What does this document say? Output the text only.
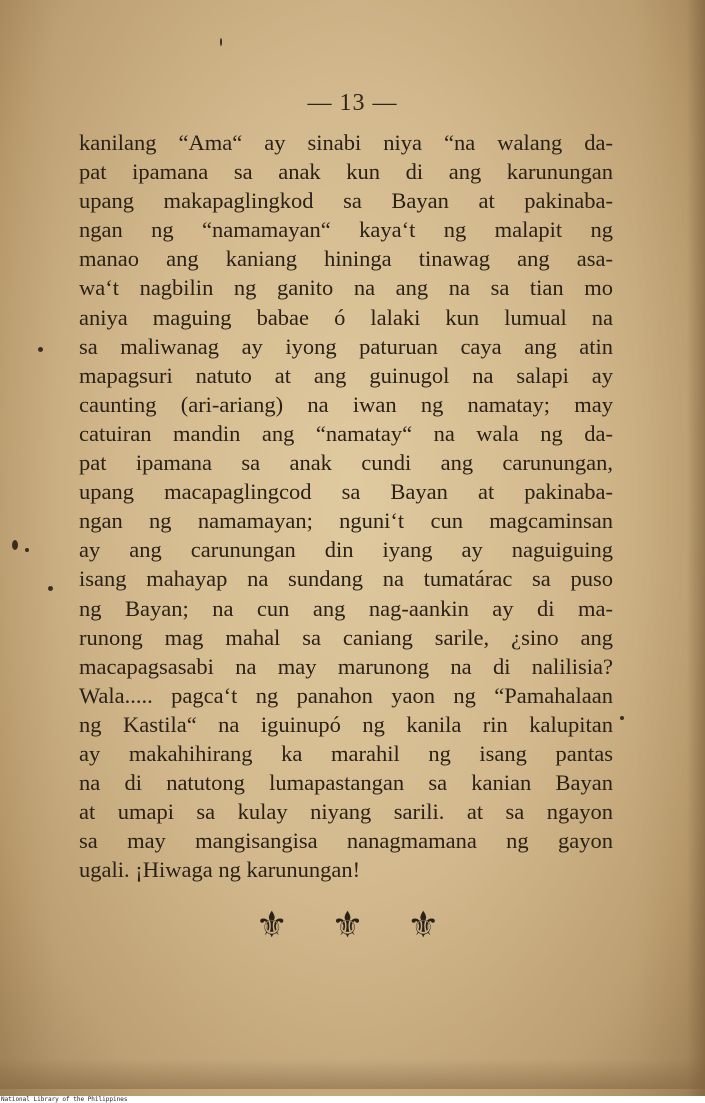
— 13 —
kanilang “Ama“ ay sinabi niya “na walang da-
pat ipamana sa anak kun di ang karunungan
upang makapaglingkod sa Bayan at pakinaba-
ngan ng “namamayan“ kaya‘t ng malapit ng
manao ang kaniang hininga tinawag ang asa-
wa‘t nagbilin ng ganito na ang na sa tian mo
aniya maguing babae ó lalaki kun lumual na
sa maliwanag ay iyong paturuan caya ang atin
mapagsuri natuto at ang guinugol na salapi ay
caunting (ari-ariang) na iwan ng namatay; may
catuiran mandin ang “namatay“ na wala ng da-
pat ipamana sa anak cundi ang carunungan,
upang macapaglingcod sa Bayan at pakinaba-
ngan ng namamayan; nguni‘t cun magcaminsan
ay ang carunungan din iyang ay naguiguing
isang mahayap na sundang na tumatárac sa puso
ng Bayan; na cun ang nag-aankin ay di ma-
runong mag mahal sa caniang sarile, ¿sino ang
macapagsasabi na may marunong na di nalilisia?
Wala..... pagca‘t ng panahon yaon ng “Pamahalaan
ng Kastila“ na iguinupó ng kanila rin kalupitan
ay makahihirang ka marahil ng isang pantas
na di natutong lumapastangan sa kanian Bayan
at umapi sa kulay niyang sarili. at sa ngayon
sa may mangisangisa nanagmamana ng gayon
ugali. ¡Hiwaga ng karunungan!
⚜ ⚜ ⚜
National Library of the Philippines
